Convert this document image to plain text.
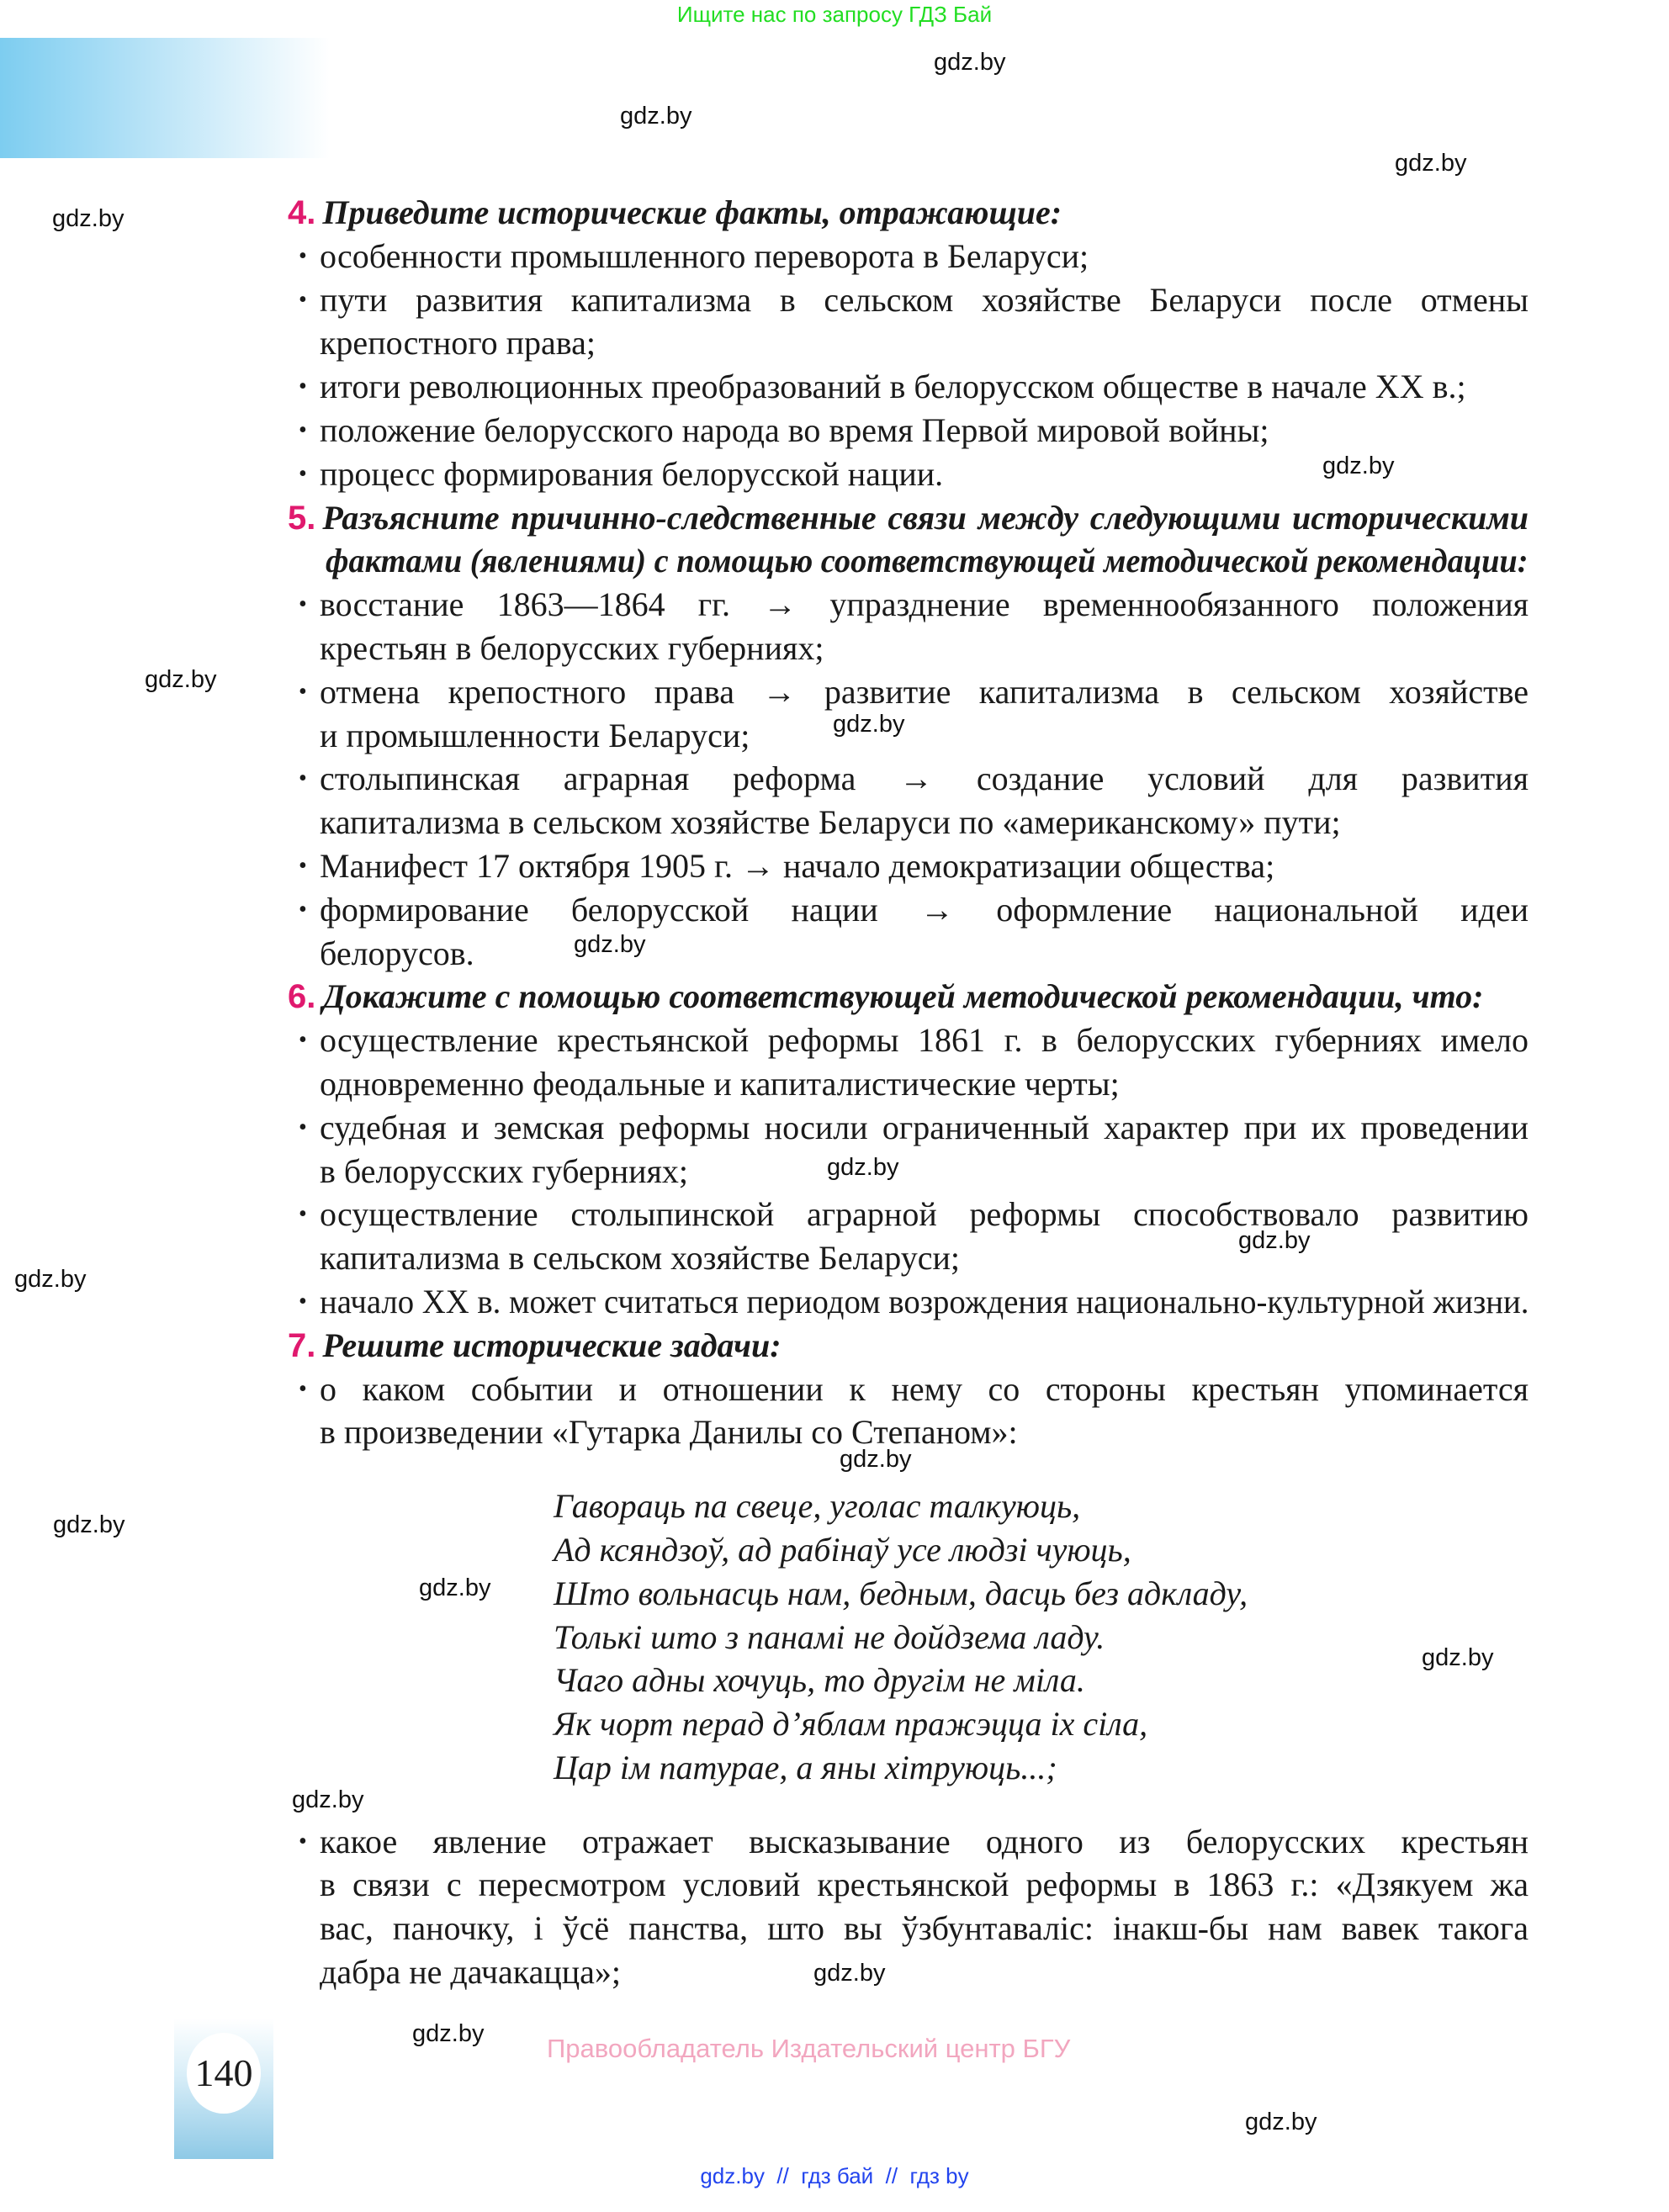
Ищите нас по запросу ГДЗ Бай
gdz.by
gdz.by
gdz.by
gdz.by
gdz.by
gdz.by
gdz.by
gdz.by
gdz.by
gdz.by
gdz.by
gdz.by
gdz.by
gdz.by
gdz.by
gdz.by
gdz.by
gdz.by
gdz.by
4. Приведите исторические факты, отражающие:
• особенности промышленного переворота в Беларуси;
• пути развития капитализма в сельском хозяйстве Беларуси после отмены
крепостного права;
• итоги революционных преобразований в белорусском обществе в начале XX в.;
• положение белорусского народа во время Первой мировой войны;
• процесс формирования белорусской нации.
5. Разъясните причинно-следственные связи между следующими историческими
фактами (явлениями) с помощью соответствующей методической рекомендации:
• восстание 1863—1864 гг. → упразднение временнообязанного положения
крестьян в белорусских губерниях;
• отмена крепостного права → развитие капитализма в сельском хозяйстве
и промышленности Беларуси;
• столыпинская аграрная реформа → создание условий для развития
капитализма в сельском хозяйстве Беларуси по «американскому» пути;
• Манифест 17 октября 1905 г. → начало демократизации общества;
• формирование белорусской нации → оформление национальной идеи
белорусов.
6. Докажите с помощью соответствующей методической рекомендации, что:
• осуществление крестьянской реформы 1861 г. в белорусских губерниях имело
одновременно феодальные и капиталистические черты;
• судебная и земская реформы носили ограниченный характер при их проведении
в белорусских губерниях;
• осуществление столыпинской аграрной реформы способствовало развитию
капитализма в сельском хозяйстве Беларуси;
• начало XX в. может считаться периодом возрождения национально-культурной жизни.
7. Решите исторические задачи:
• о каком событии и отношении к нему со стороны крестьян упоминается
в произведении «Гутарка Данилы со Степаном»:
Гавораць па свеце, уголас талкуюць,
Ад ксяндзоў, ад рабінаў усе людзі чуюць,
Што вольнасць нам, бедным, дасць без адкладу,
Толькі што з панамі не дойдзема ладу.
Чаго адны хочуць, то другім не міла.
Як чорт перад д’яблам пражэцца іх сіла,
Цар ім патурае, а яны хітруюць...;
• какое явление отражает высказывание одного из белорусских крестьян
в связи с пересмотром условий крестьянской реформы в 1863 г.: «Дзякуем жа
вас, паночку, і ўсё панства, што вы ўзбунтаваліс: інакш-бы нам вавек такога
дабра не дачакацца»;
140
Правообладатель Издательский центр БГУ
gdz.by  //  гдз бай  //  гдз by
